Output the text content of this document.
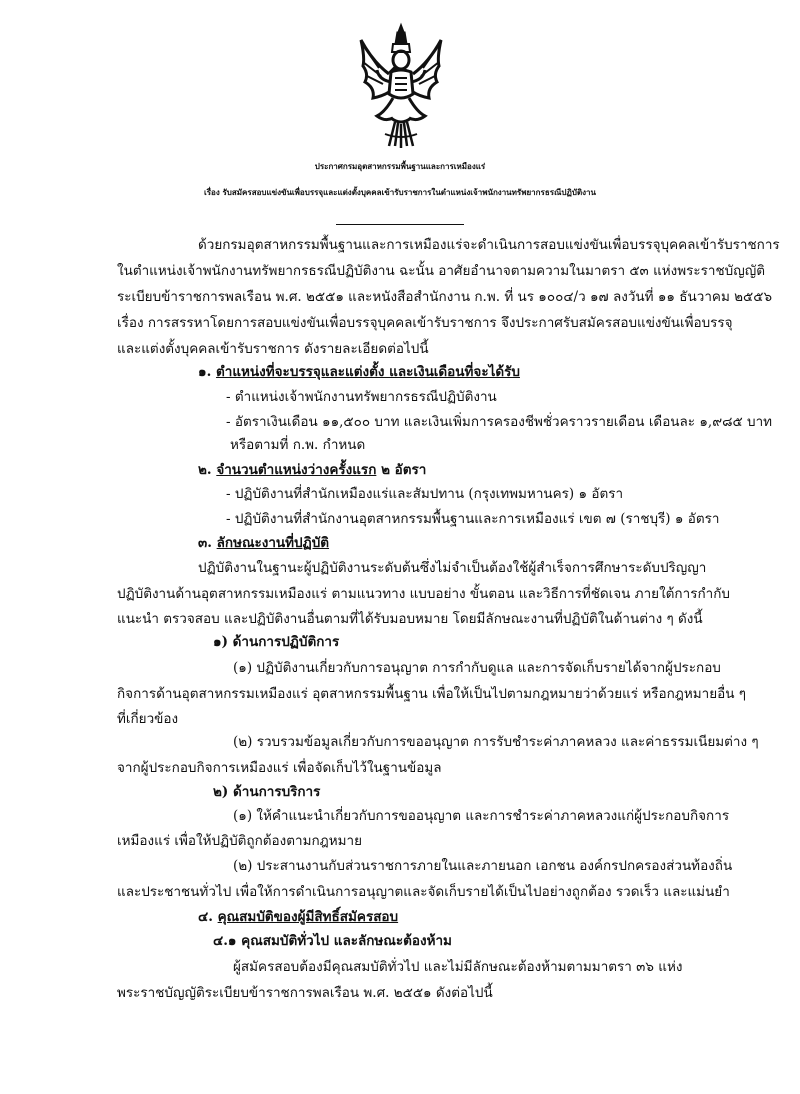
ประกาศกรมอุตสาหกรรมพื้นฐานและการเหมืองแร่
เรื่อง รับสมัครสอบแข่งขันเพื่อบรรจุและแต่งตั้งบุคคลเข้ารับราชการในตำแหน่งเจ้าพนักงานทรัพยากรธรณีปฏิบัติงาน
ด้วยกรมอุตสาหกรรมพื้นฐานและการเหมืองแร่จะดำเนินการสอบแข่งขันเพื่อบรรจุบุคคลเข้ารับราชการ
ในตำแหน่งเจ้าพนักงานทรัพยากรธรณีปฏิบัติงาน ฉะนั้น อาศัยอำนาจตามความในมาตรา ๕๓ แห่งพระราชบัญญัติ
ระเบียบข้าราชการพลเรือน พ.ศ. ๒๕๕๑ และหนังสือสำนักงาน ก.พ. ที่ นร ๑๐๐๔/ว ๑๗ ลงวันที่ ๑๑ ธันวาคม ๒๕๕๖
เรื่อง การสรรหาโดยการสอบแข่งขันเพื่อบรรจุบุคคลเข้ารับราชการ จึงประกาศรับสมัครสอบแข่งขันเพื่อบรรจุ
และแต่งตั้งบุคคลเข้ารับราชการ ดังรายละเอียดต่อไปนี้
๑. ตำแหน่งที่จะบรรจุและแต่งตั้ง และเงินเดือนที่จะได้รับ
- ตำแหน่งเจ้าพนักงานทรัพยากรธรณีปฏิบัติงาน
- อัตราเงินเดือน ๑๑,๕๐๐ บาท และเงินเพิ่มการครองชีพชั่วคราวรายเดือน เดือนละ ๑,๙๘๕ บาท
หรือตามที่ ก.พ. กำหนด
๒. จำนวนตำแหน่งว่างครั้งแรก ๒ อัตรา
- ปฏิบัติงานที่สำนักเหมืองแร่และสัมปทาน (กรุงเทพมหานคร) ๑ อัตรา
- ปฏิบัติงานที่สำนักงานอุตสาหกรรมพื้นฐานและการเหมืองแร่ เขต ๗ (ราชบุรี) ๑ อัตรา
๓. ลักษณะงานที่ปฏิบัติ
ปฏิบัติงานในฐานะผู้ปฏิบัติงานระดับต้นซึ่งไม่จำเป็นต้องใช้ผู้สำเร็จการศึกษาระดับปริญญา
ปฏิบัติงานด้านอุตสาหกรรมเหมืองแร่ ตามแนวทาง แบบอย่าง ขั้นตอน และวิธีการที่ชัดเจน ภายใต้การกำกับ
แนะนำ ตรวจสอบ และปฏิบัติงานอื่นตามที่ได้รับมอบหมาย โดยมีลักษณะงานที่ปฏิบัติในด้านต่าง ๆ ดังนี้
๑) ด้านการปฏิบัติการ
(๑) ปฏิบัติงานเกี่ยวกับการอนุญาต การกำกับดูแล และการจัดเก็บรายได้จากผู้ประกอบ
กิจการด้านอุตสาหกรรมเหมืองแร่ อุตสาหกรรมพื้นฐาน เพื่อให้เป็นไปตามกฎหมายว่าด้วยแร่ หรือกฎหมายอื่น ๆ
ที่เกี่ยวข้อง
(๒) รวบรวมข้อมูลเกี่ยวกับการขออนุญาต การรับชำระค่าภาคหลวง และค่าธรรมเนียมต่าง ๆ
จากผู้ประกอบกิจการเหมืองแร่ เพื่อจัดเก็บไว้ในฐานข้อมูล
๒) ด้านการบริการ
(๑) ให้คำแนะนำเกี่ยวกับการขออนุญาต และการชำระค่าภาคหลวงแก่ผู้ประกอบกิจการ
เหมืองแร่ เพื่อให้ปฏิบัติถูกต้องตามกฎหมาย
(๒) ประสานงานกับส่วนราชการภายในและภายนอก เอกชน องค์กรปกครองส่วนท้องถิ่น
และประชาชนทั่วไป เพื่อให้การดำเนินการอนุญาตและจัดเก็บรายได้เป็นไปอย่างถูกต้อง รวดเร็ว และแม่นยำ
๔. คุณสมบัติของผู้มีสิทธิ์สมัครสอบ
๔.๑ คุณสมบัติทั่วไป และลักษณะต้องห้าม
ผู้สมัครสอบต้องมีคุณสมบัติทั่วไป และไม่มีลักษณะต้องห้ามตามมาตรา ๓๖ แห่ง
พระราชบัญญัติระเบียบข้าราชการพลเรือน พ.ศ. ๒๕๕๑ ดังต่อไปนี้
